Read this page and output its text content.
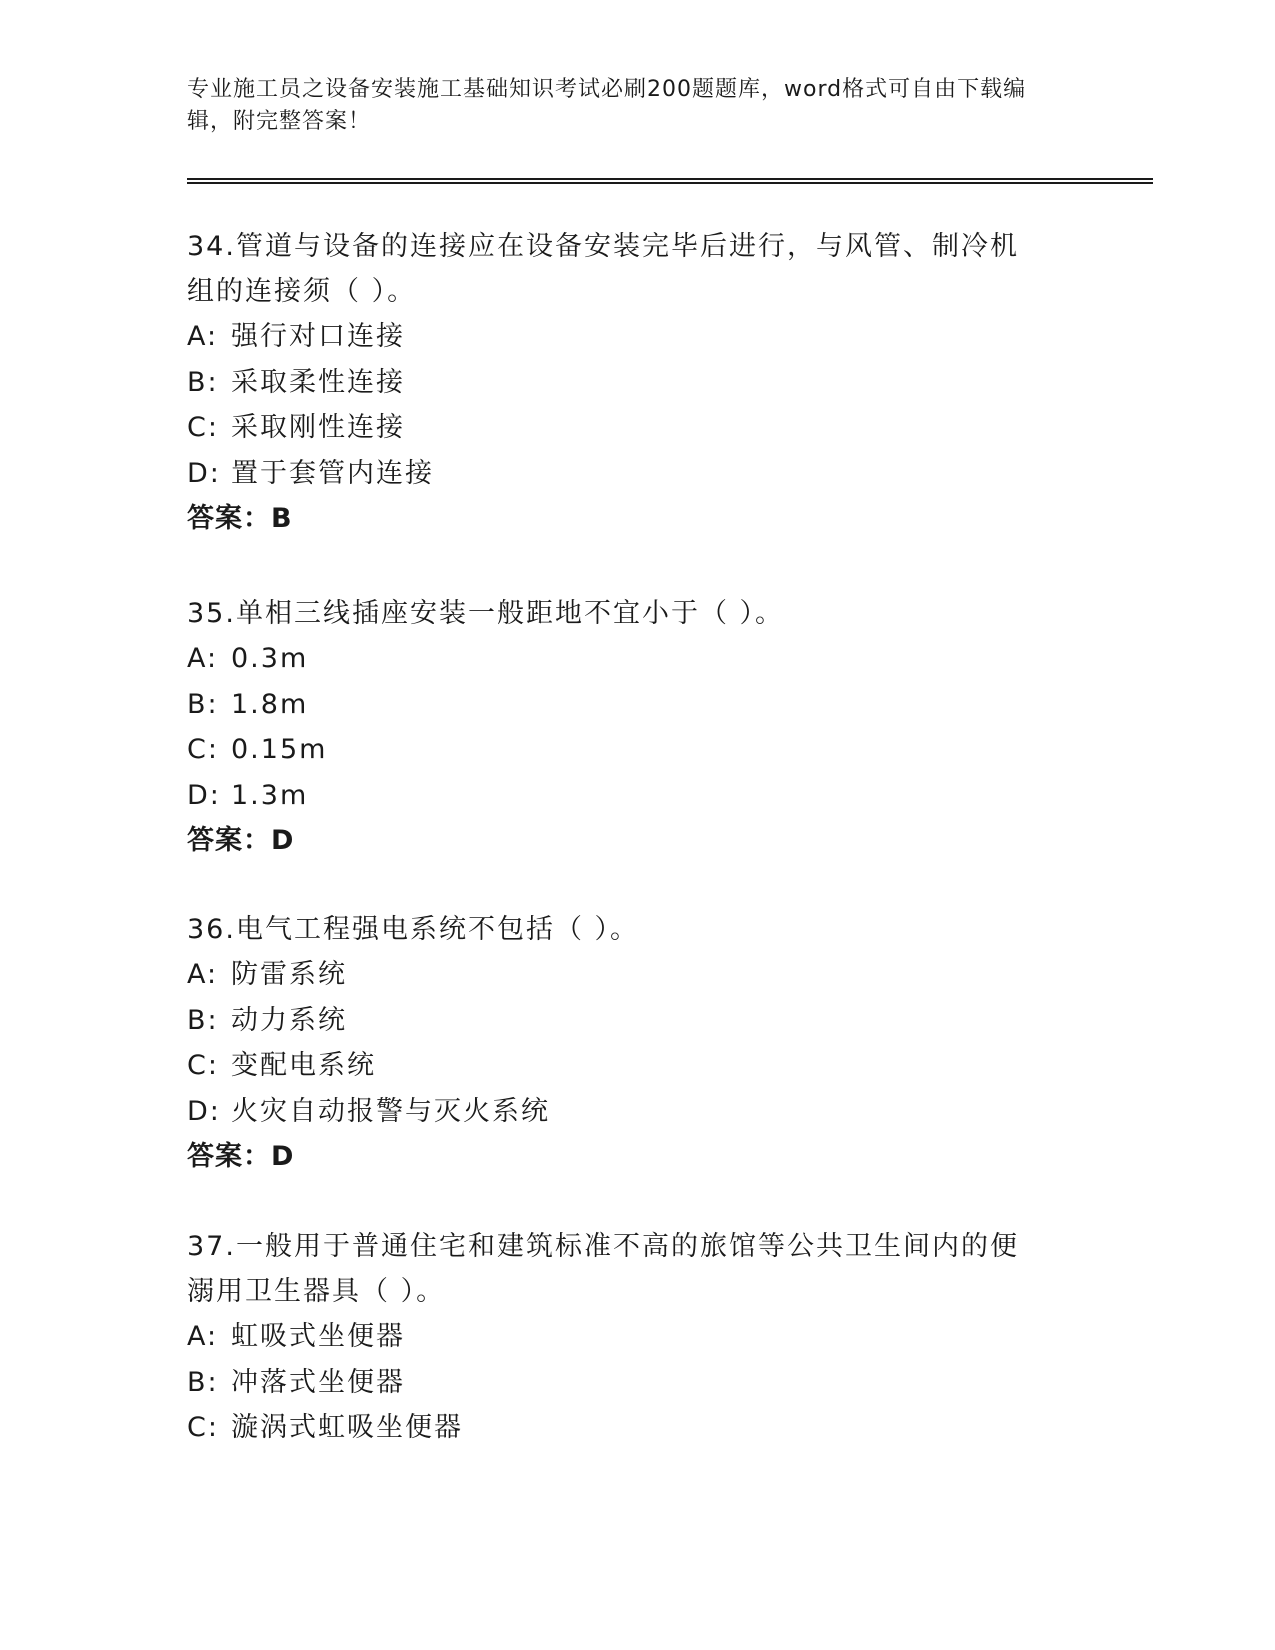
专业施工员之设备安装施工基础知识考试必刷200题题库，word格式可自由下载编辑，附完整答案！
34.管道与设备的连接应在设备安装完毕后进行，与风管、制冷机组的连接须（ ）。
A: 强行对口连接
B: 采取柔性连接
C: 采取刚性连接
D: 置于套管内连接
答案：B
35.单相三线插座安装一般距地不宜小于（ ）。
A: 0.3m
B: 1.8m
C: 0.15m
D: 1.3m
答案：D
36.电气工程强电系统不包括（ ）。
A: 防雷系统
B: 动力系统
C: 变配电系统
D: 火灾自动报警与灭火系统
答案：D
37.一般用于普通住宅和建筑标准不高的旅馆等公共卫生间内的便溺用卫生器具（ ）。
A: 虹吸式坐便器
B: 冲落式坐便器
C: 漩涡式虹吸坐便器
